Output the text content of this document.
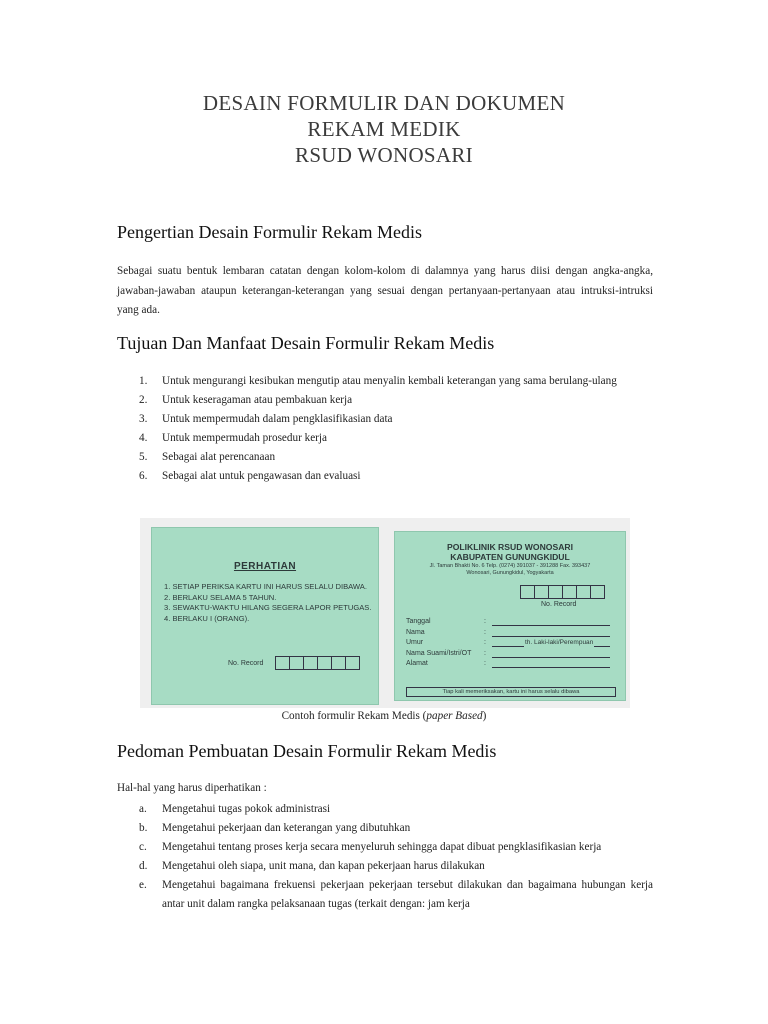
DESAIN FORMULIR DAN DOKUMEN
REKAM MEDIK
RSUD WONOSARI
Pengertian Desain Formulir Rekam Medis

Sebagai suatu bentuk lembaran catatan dengan kolom-kolom di dalamnya yang harus diisi dengan angka-angka, jawaban-jawaban ataupun keterangan-keterangan yang sesuai dengan pertanyaan-pertanyaan atau intruksi-intruksi yang ada.

Tujuan Dan Manfaat Desain Formulir Rekam Medis
1. Untuk mengurangi kesibukan mengutip atau menyalin kembali keterangan yang sama berulang-ulang
2. Untuk keseragaman atau pembakuan kerja
3. Untuk mempermudah dalam pengklasifikasian data
4. Untuk mempermudah prosedur kerja
5. Sebagai alat perencanaan
6. Sebagai alat untuk pengawasan dan evaluasi
PERHATIAN
1. SETIAP PERIKSA KARTU INI HARUS SELALU DIBAWA.
2. BERLAKU SELAMA 5 TAHUN.
3. SEWAKTU-WAKTU HILANG SEGERA LAPOR PETUGAS.
4. BERLAKU I (ORANG).
No. Record
POLIKLINIK RSUD WONOSARI
KABUPATEN GUNUNGKIDUL
Jl. Taman Bhakti No. 6 Telp. (0274) 391037 - 391288 Fax. 393437
Wonosari, Gunungkidul, Yogyakarta
No. Record
Tanggal	:
Nama	:
Umur	:	th. Laki-laki/Perempuan
Nama Suami/Istri/OT :
Alamat	:
Tiap kali memeriksakan, kartu ini harus selalu dibawa
Contoh formulir Rekam Medis (paper Based)
Pedoman Pembuatan Desain Formulir Rekam Medis
Hal-hal yang harus diperhatikan :
a. Mengetahui tugas pokok administrasi
b. Mengetahui pekerjaan dan keterangan yang dibutuhkan
c. Mengetahui tentang proses kerja secara menyeluruh sehingga dapat dibuat pengklasifikasian kerja
d. Mengetahui oleh siapa, unit mana, dan kapan pekerjaan harus dilakukan
e. Mengetahui bagaimana frekuensi pekerjaan pekerjaan tersebut dilakukan dan bagaimana hubungan kerja antar unit dalam rangka pelaksanaan tugas (terkait dengan: jam kerja
